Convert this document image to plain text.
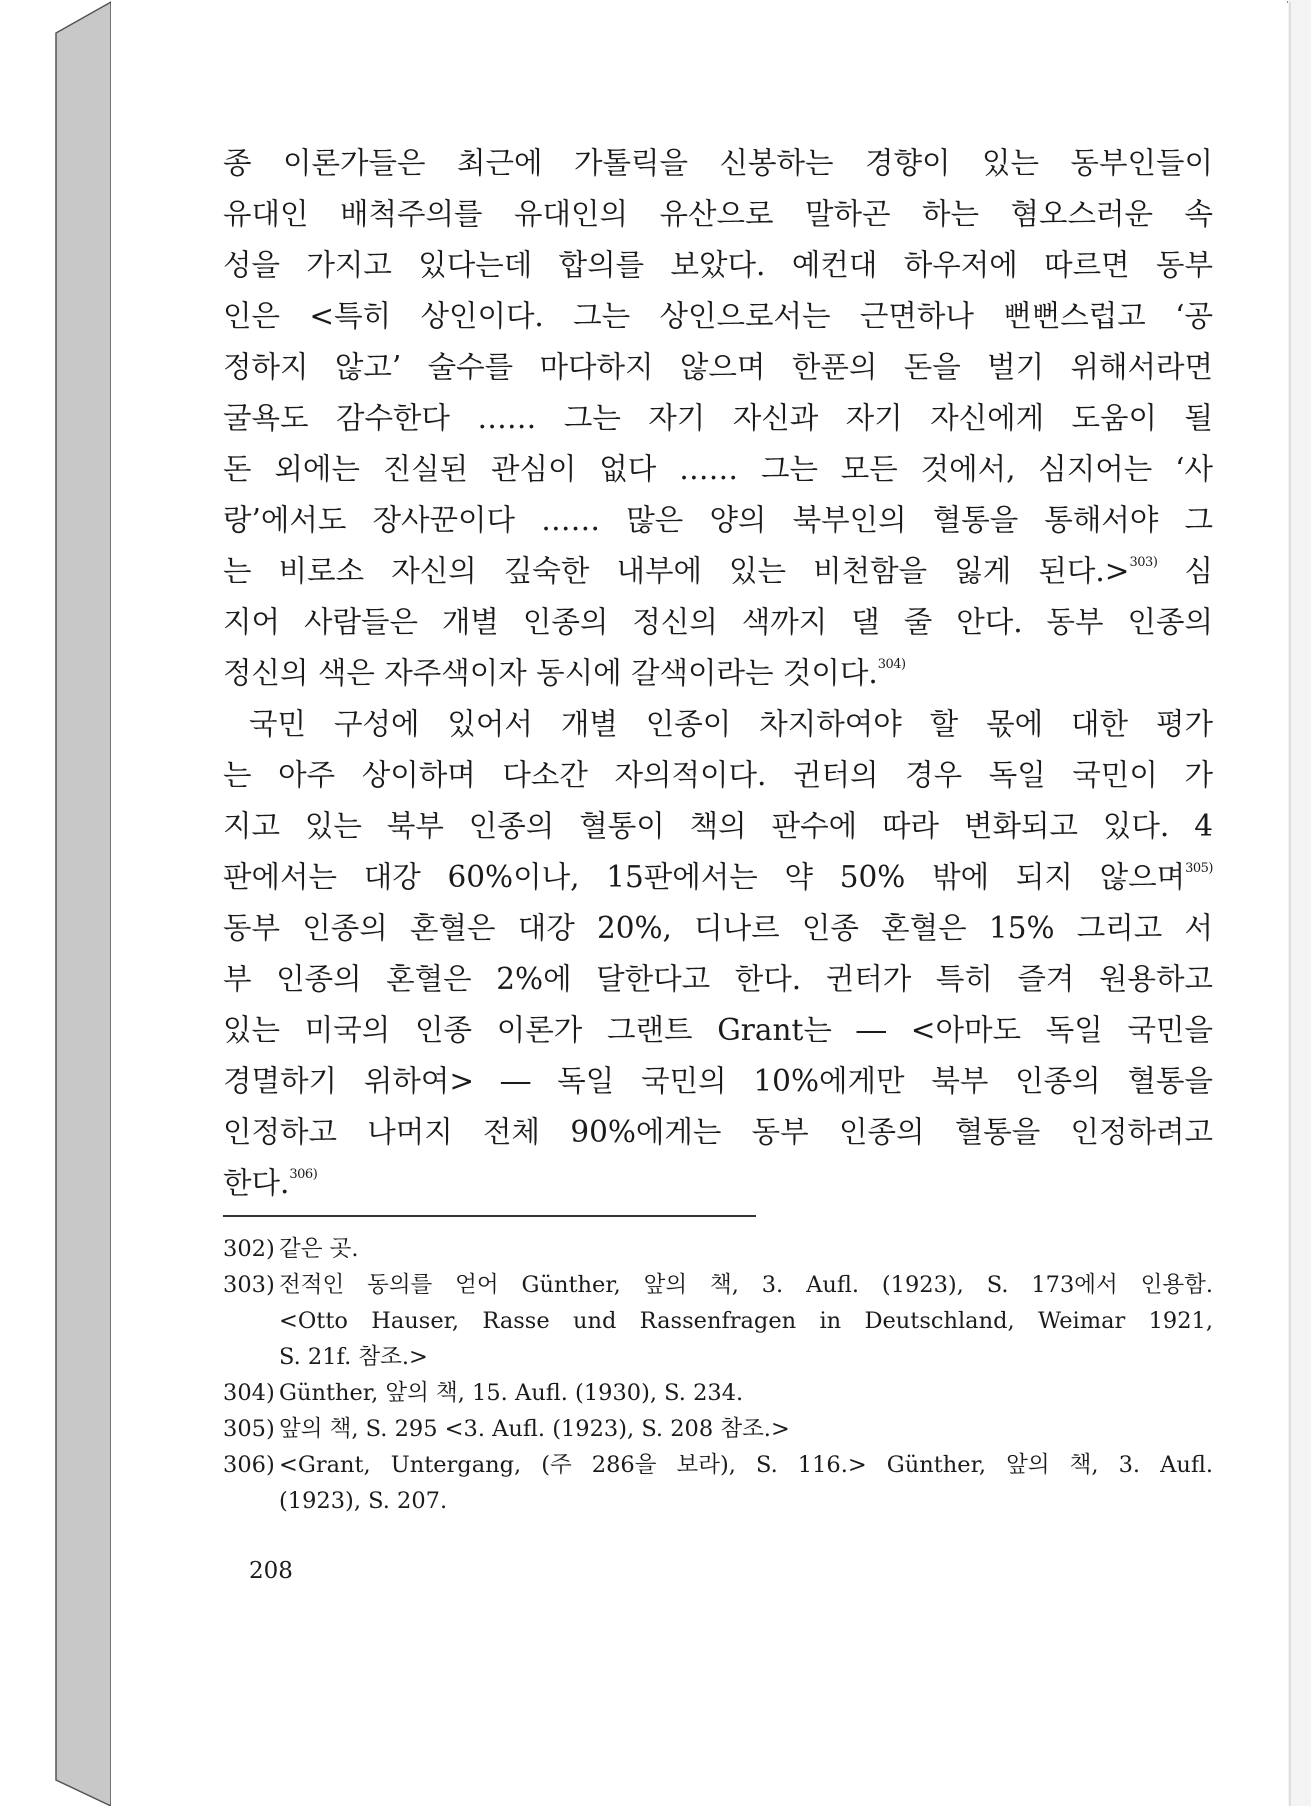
종 이론가들은 최근에 가톨릭을 신봉하는 경향이 있는 동부인들이
유대인 배척주의를 유대인의 유산으로 말하곤 하는 혐오스러운 속
성을 가지고 있다는데 합의를 보았다. 예컨대 하우저에 따르면 동부
인은 <특히 상인이다. 그는 상인으로서는 근면하나 뻔뻔스럽고 ‘공
정하지 않고’ 술수를 마다하지 않으며 한푼의 돈을 벌기 위해서라면
굴욕도 감수한다 …… 그는 자기 자신과 자기 자신에게 도움이 될
돈 외에는 진실된 관심이 없다 …… 그는 모든 것에서, 심지어는 ‘사
랑’에서도 장사꾼이다 …… 많은 양의 북부인의 혈통을 통해서야 그
는 비로소 자신의 깊숙한 내부에 있는 비천함을 잃게 된다.>$^{303)}$ 심
지어 사람들은 개별 인종의 정신의 색까지 댈 줄 안다. 동부 인종의
정신의 색은 자주색이자 동시에 갈색이라는 것이다.$^{304)}$
국민 구성에 있어서 개별 인종이 차지하여야 할 몫에 대한 평가
는 아주 상이하며 다소간 자의적이다. 귄터의 경우 독일 국민이 가
지고 있는 북부 인종의 혈통이 책의 판수에 따라 변화되고 있다. 4
판에서는 대강 60%이나, 15판에서는 약 50% 밖에 되지 않으며$^{305)}$
동부 인종의 혼혈은 대강 20%, 디나르 인종 혼혈은 15% 그리고 서
부 인종의 혼혈은 2%에 달한다고 한다. 귄터가 특히 즐겨 원용하고
있는 미국의 인종 이론가 그랜트 Grant는 ― <아마도 독일 국민을
경멸하기 위하여> ― 독일 국민의 10%에게만 북부 인종의 혈통을
인정하고 나머지 전체 90%에게는 동부 인종의 혈통을 인정하려고
한다.$^{306)}$
302) 같은 곳.
303) 전적인 동의를 얻어 Günther, 앞의 책, 3. Aufl. (1923), S. 173에서 인용함.
<Otto Hauser, Rasse und Rassenfragen in Deutschland, Weimar 1921,
S. 21f. 참조.>
304) Günther, 앞의 책, 15. Aufl. (1930), S. 234.
305) 앞의 책, S. 295 <3. Aufl. (1923), S. 208 참조.>
306) <Grant, Untergang, (주 286을 보라), S. 116.> Günther, 앞의 책, 3. Aufl.
(1923), S. 207.
208
